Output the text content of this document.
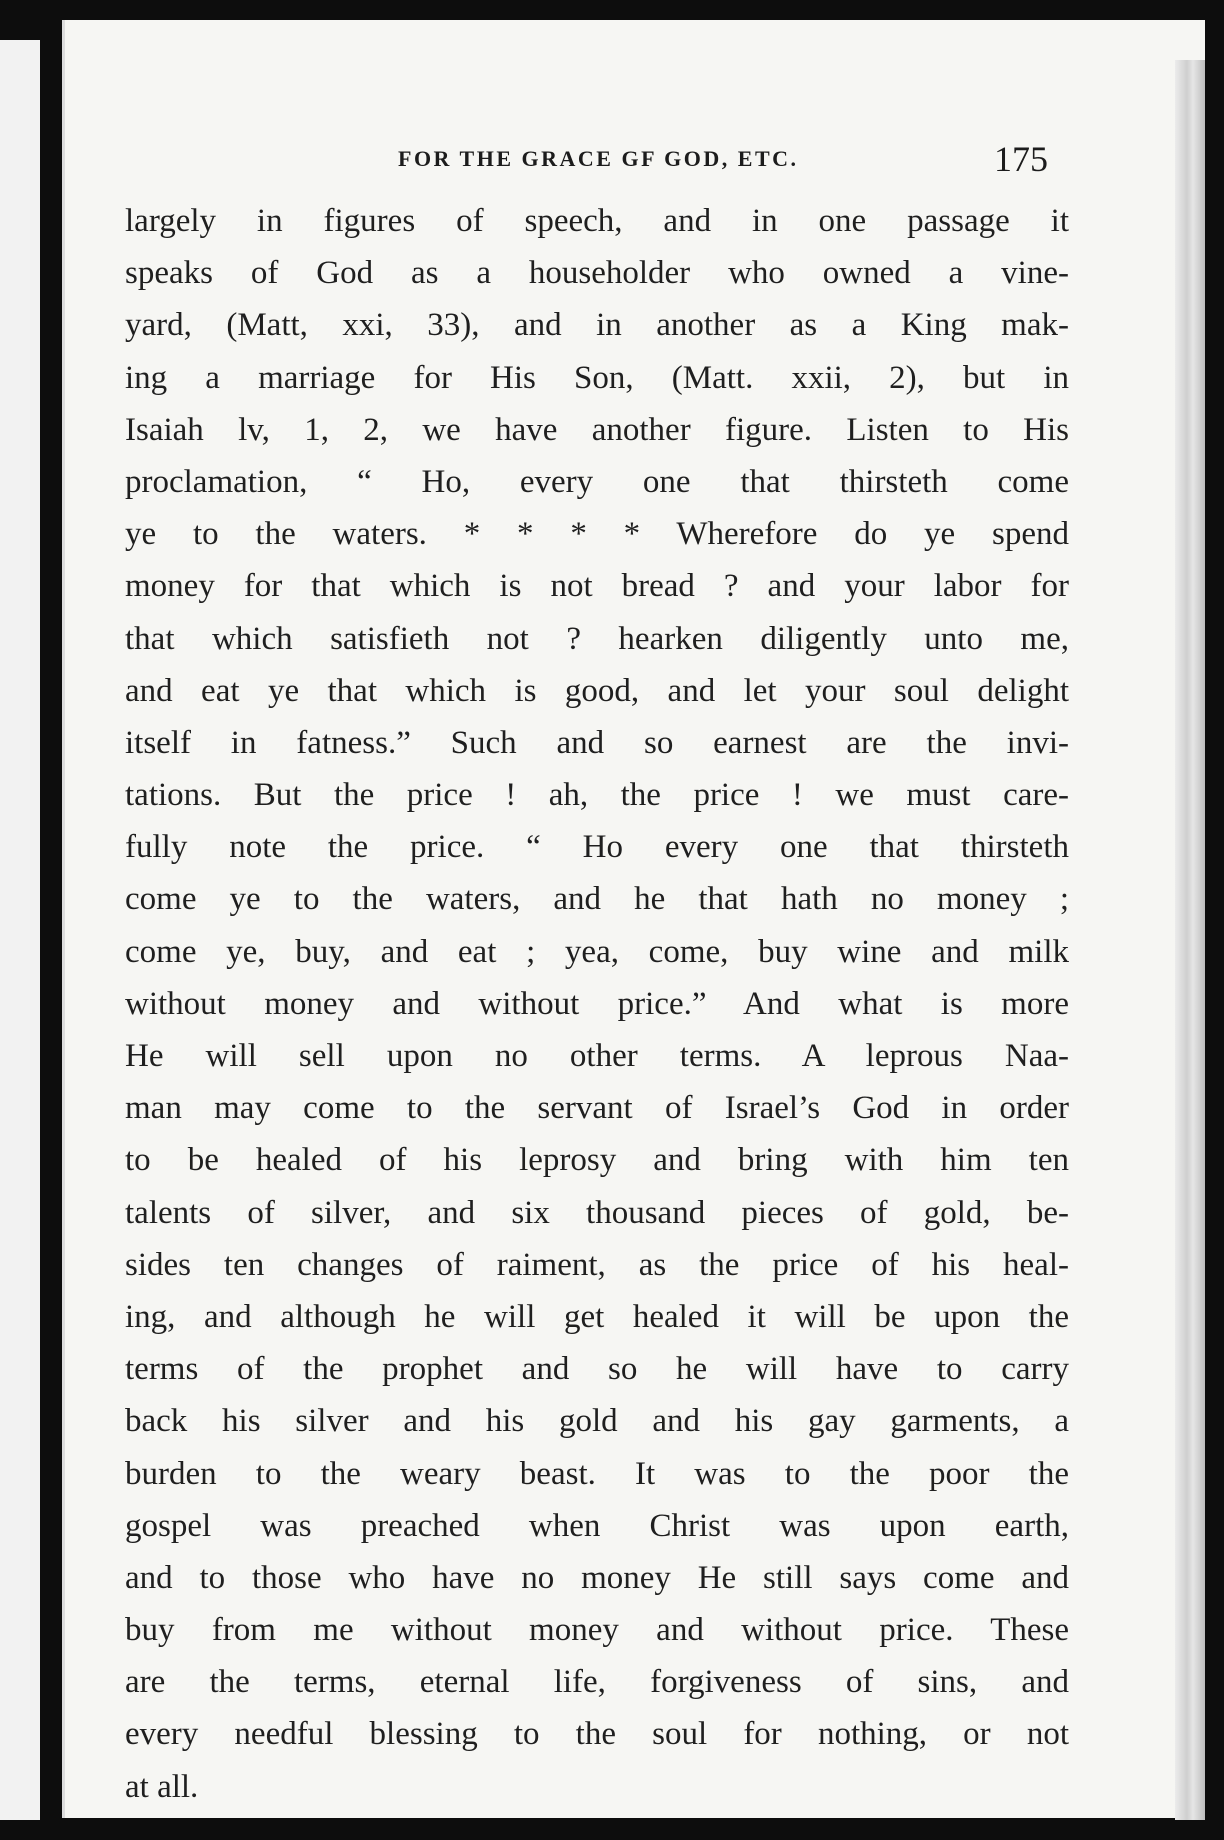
FOR THE GRACE GF GOD, ETC.	175
largely in figures of speech, and in one passage it
speaks of God as a householder who owned a vine-
yard, (Matt, xxi, 33), and in another as a King mak-
ing a marriage for His Son, (Matt. xxii, 2), but in
Isaiah lv, 1, 2, we have another figure. Listen to His
proclamation, “ Ho, every one that thirsteth come
ye to the waters. * * * * Wherefore do ye spend
money for that which is not bread ? and your labor for
that which satisfieth not ? hearken diligently unto me,
and eat ye that which is good, and let your soul delight
itself in fatness.” Such and so earnest are the invi-
tations. But the price ! ah, the price ! we must care-
fully note the price. “ Ho every one that thirsteth
come ye to the waters, and he that hath no money ;
come ye, buy, and eat ; yea, come, buy wine and milk
without money and without price.” And what is more
He will sell upon no other terms. A leprous Naa-
man may come to the servant of Israel’s God in order
to be healed of his leprosy and bring with him ten
talents of silver, and six thousand pieces of gold, be-
sides ten changes of raiment, as the price of his heal-
ing, and although he will get healed it will be upon the
terms of the prophet and so he will have to carry
back his silver and his gold and his gay garments, a
burden to the weary beast. It was to the poor the
gospel was preached when Christ was upon earth,
and to those who have no money He still says come and
buy from me without money and without price. These
are the terms, eternal life, forgiveness of sins, and
every needful blessing to the soul for nothing, or not
at all.
